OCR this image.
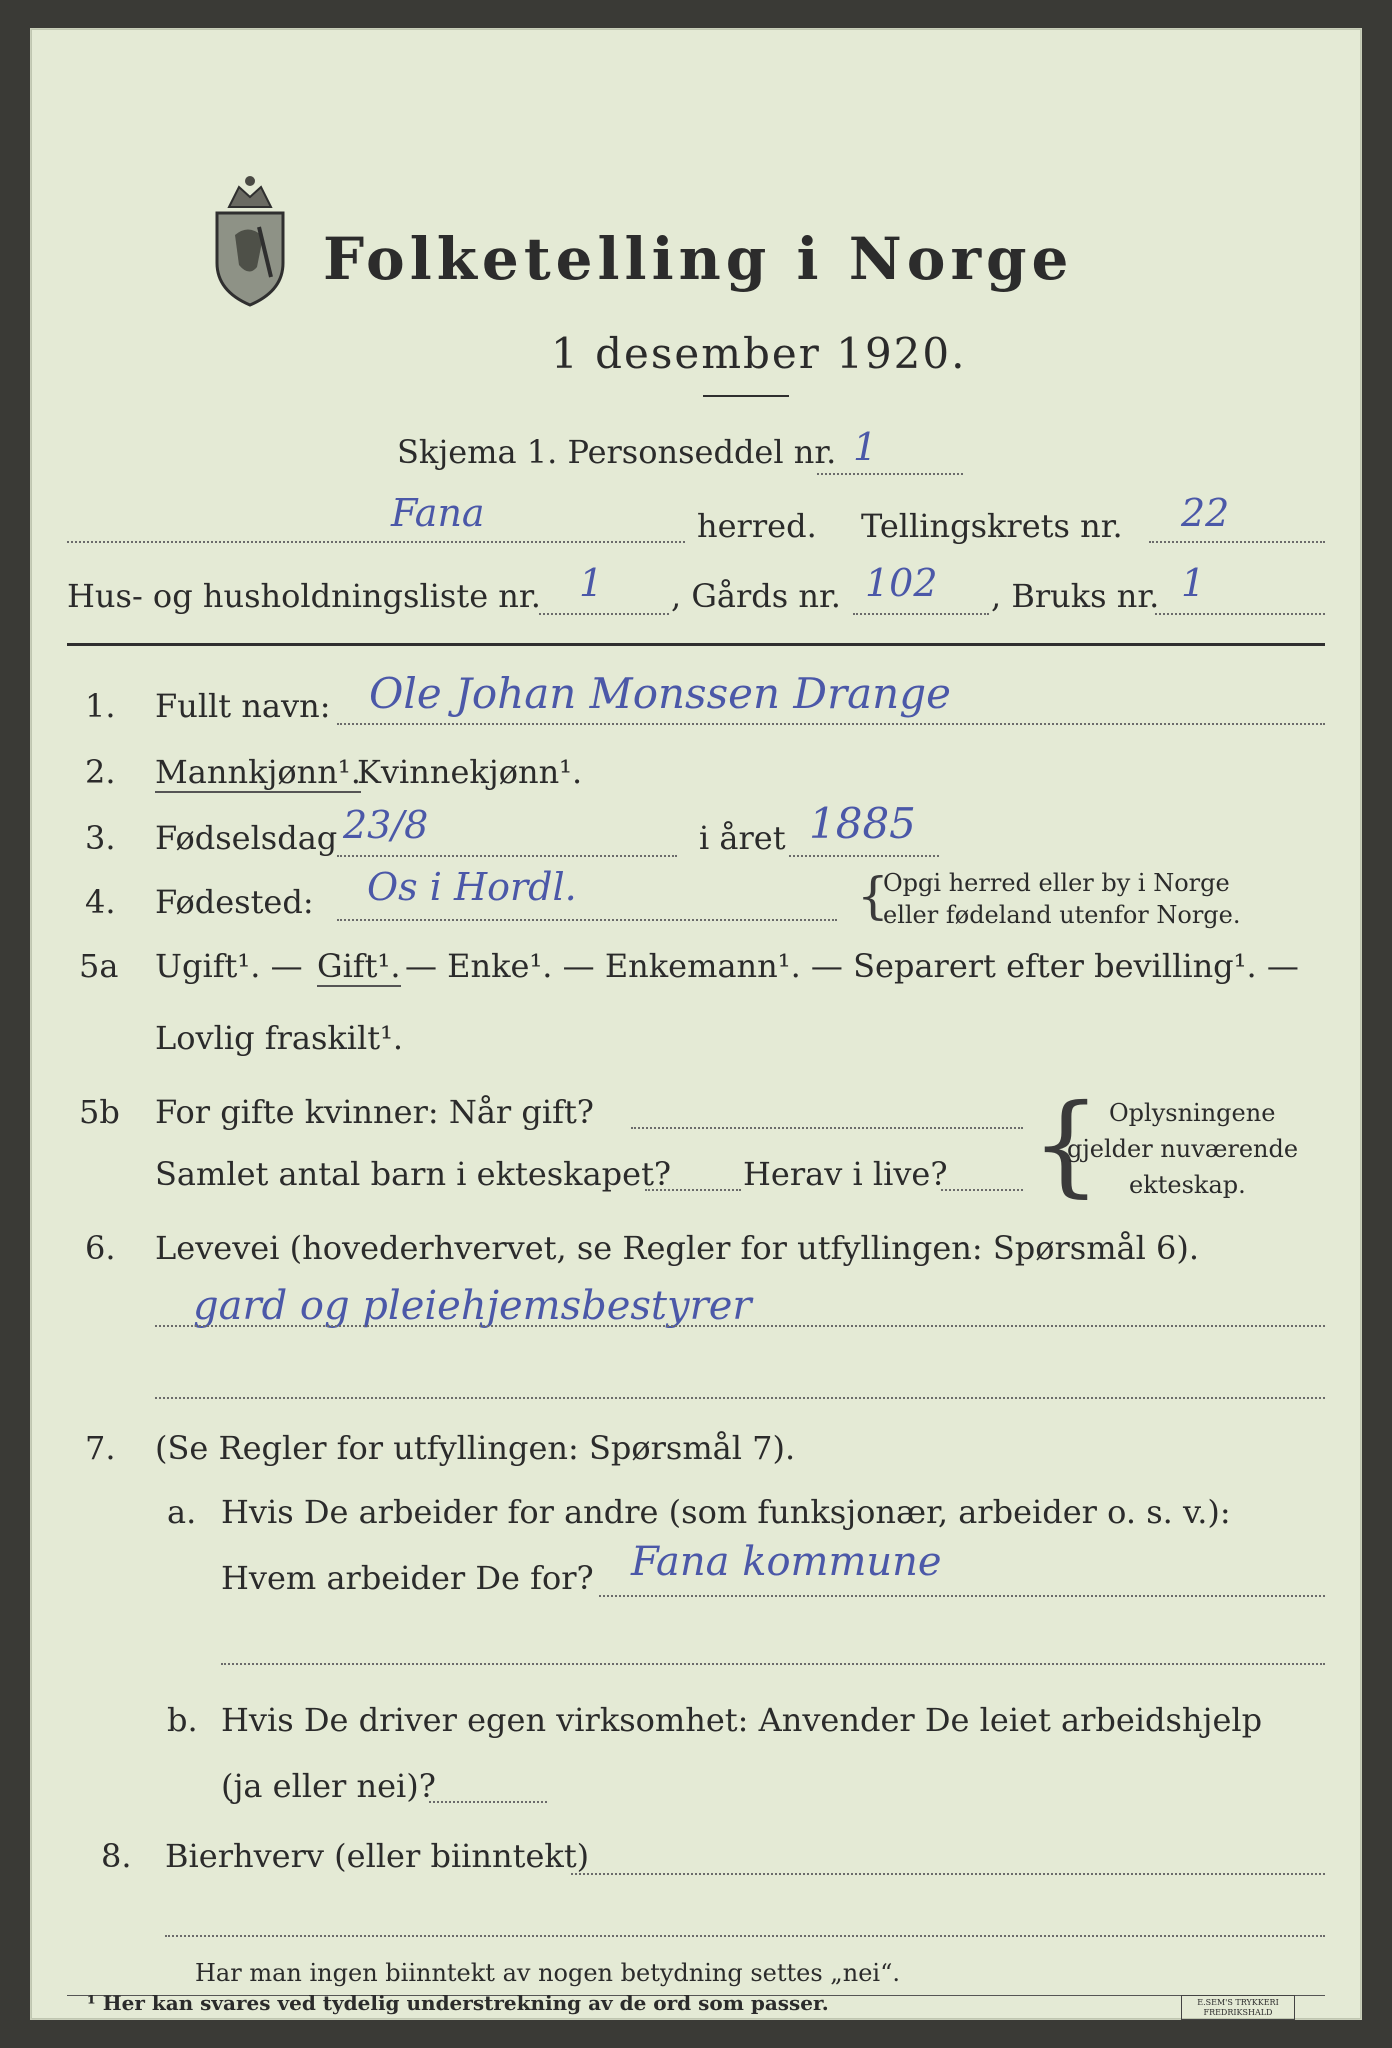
Folketelling i Norge
1 desember 1920.
Skjema 1. Personseddel nr. 1
Fana	herred. Tellingskrets nr. 22
Hus- og husholdningsliste nr. 1 , Gårds nr. 102 , Bruks nr. 1
1. Fullt navn: Ole Johan Monssen Drange
2. Mannkjønn¹.
Kvinnekjønn¹.
3. Fødselsdag 23/8	i året 1885
4. Fødested: Os i Hordl.	{
Opgi herred eller by i Norge
eller fødeland utenfor Norge.
5a Ugift¹. — Gift¹. — Enke¹. — Enkemann¹. — Separert efter bevilling¹. —
Lovlig fraskilt¹.
5b For gifte kvinner: Når gift?
Samlet antal barn i ekteskapet? Herav i live? { Oplysningene
gjelder nuværende
ekteskap.
6. Levevei (hovederhvervet, se Regler for utfyllingen: Spørsmål 6).
gard og pleiehjemsbestyrer
7. (Se Regler for utfyllingen: Spørsmål 7).
a. Hvis De arbeider for andre (som funksjonær, arbeider o. s. v.):
Hvem arbeider De for? Fana kommune
b. Hvis De driver egen virksomhet: Anvender De leiet arbeidshjelp
(ja eller nei)?
8. Bierhverv (eller biinntekt)
Har man ingen biinntekt av nogen betydning settes „nei“.
¹ Her kan svares ved tydelig understrekning av de ord som passer.	E.SEM'S TRYKKERI FREDRIKSHALD
